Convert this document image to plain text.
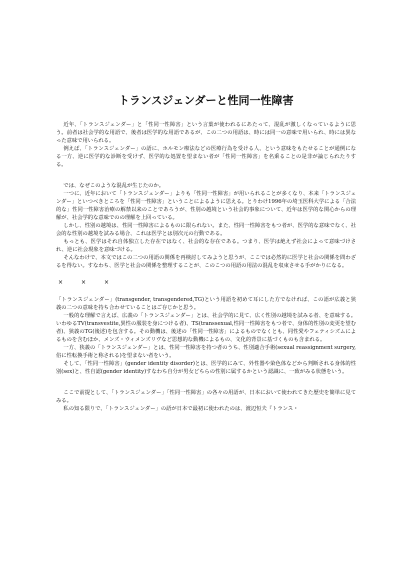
トランスジェンダーと性同一性障害

近年、「トランスジェンダー」と「性同一性障害」という言葉が使われるにあたって、混乱が激しくなっているように思う。前者は社会学的な用語で、後者は医学的な用語であるが、この二つの用語は、時には同一の意味で用いられ、時には異なった意味で用いられる。

例えば、「トランスジェンダー」の語に、ホルモン療法などの医療行為を受ける人、という意味をもたせることが通例になる一方、逆に医学的な診断を受けず、医学的な処置を望まない者が「性同一性障害」を名乗ることの是非が論じられたりする。

では、なぜこのような混乱が生じたのか。

一つに、近年において「トランスジェンダー」よりも「性同一性障害」が用いられることが多くなり、本来「トランスジェンダー」といつべきところを「性同一性障害」ということによるように思える。とりわけ1996年の埼玉医科大学による「合法的な」性同一性障害治療の解禁以来のことであろうが、性別の越境という社会的事象について、近年は医学的な関心からの理解が、社会学的な意味でのの理解を上回っている。

しかし、性別の越境は、性同一性障害によるものに限られない。また、性同一性障害をもつ者が、医学的な意味でなく、社会的な性別の越境を試みる場合、これは医学とは別次元の行動である。

もっとも、医学はそれ自体独立した存在ではなく、社会的な存在である。つまり、医学は絶えず社会によって意味づけされ、逆に社会現象を意味づける。

そんなわけで、本文ではこの二つの用語の関係を再検討してみようと思うが、ここでは必然的に医学と社会の関係を問わざるを得ない。すなわち、医学と社会の関係を整理することが、このこつの用語の用法の混乱を収束させる手がかりになる。

×	×	×

「トランスジェンダー」(transgender, transgendered,TG)という用語を初めて耳にした方でなければ、この語が広義と狭義の二つの意味を持ち合わせていることはご存じかと思う。

一般的な理解で言えば、広義の「トランスジェンダー」とは、社会学的に見て、広く性別の越境を試みる者、を意味する。いわゆるTV(transvestite,異性の服装を身につける者)、TS(transsexual,性同一性障害をもつ者で、身体的性別の変更を望む者)、狭義のTG(後述)を包含する。その動機は、後述の「性同一性障害」によるものでなくとも、同性愛やフェティシズムによるものを含むほか、メンズ・ウィメンズリヴなど思想的な動機によるもの、文化的背景に基づくものも含まれる。

一方、狭義の「トランスジェンダー」とは、性同一性障害を持つ者のうち、性別適合手術(sexual reassignment surgery,俗に性転換手術と称される)を望まない者をいう。

そして、「性同一性障害」(gender identity disorder)とは、医学的にみて、外性器や染色体などから判断される身体的性別(sex)と、性自認(gender identity)すなわち自分が男女どちらの性別に属するかという認識に、一致がみる状態をいう。

ここで前提として、「トランスジェンダー」「性同一性障害」の各々の用語が、日本において使われてきた歴史を簡単に見てみる。

私の知る限りで、「トランスジェンダー」の語が日本で最初に使われたのは、渡辺恒夫『トランス・
